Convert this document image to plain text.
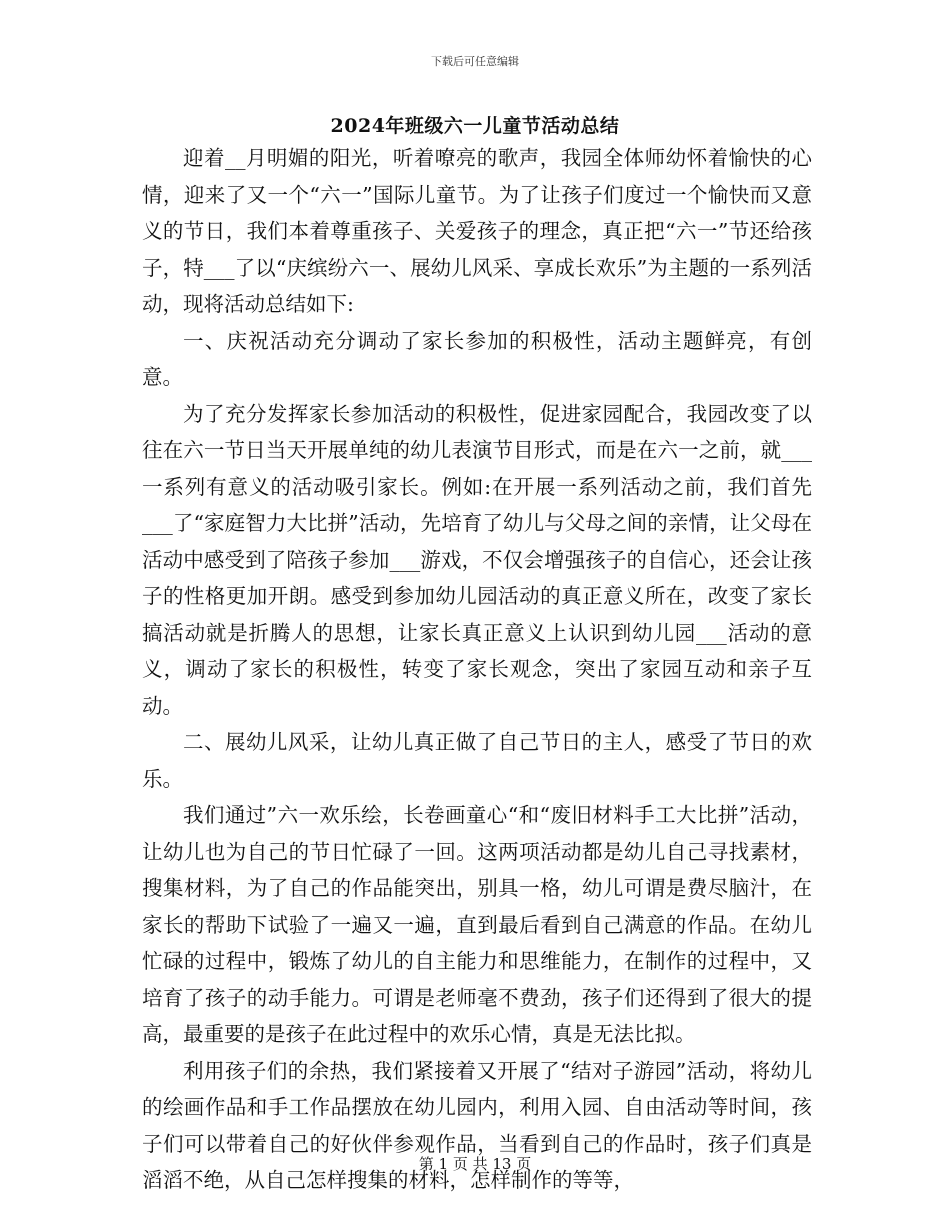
下载后可任意编辑
2024年班级六一儿童节活动总结

迎着__月明媚的阳光，听着嘹亮的歌声，我园全体师幼怀着愉快的心情，迎来了又一个“六一”国际儿童节。为了让孩子们度过一个愉快而又意义的节日，我们本着尊重孩子、关爱孩子的理念，真正把“六一”节还给孩子，特___了以“庆缤纷六一、展幼儿风采、享成长欢乐”为主题的一系列活动，现将活动总结如下:

一、庆祝活动充分调动了家长参加的积极性，活动主题鲜亮，有创意。

为了充分发挥家长参加活动的积极性，促进家园配合，我园改变了以往在六一节日当天开展单纯的幼儿表演节目形式，而是在六一之前，就___一系列有意义的活动吸引家长。例如:在开展一系列活动之前，我们首先___了“家庭智力大比拼”活动，先培育了幼儿与父母之间的亲情，让父母在活动中感受到了陪孩子参加___游戏，不仅会增强孩子的自信心，还会让孩子的性格更加开朗。感受到参加幼儿园活动的真正意义所在，改变了家长搞活动就是折腾人的思想，让家长真正意义上认识到幼儿园___活动的意义，调动了家长的积极性，转变了家长观念，突出了家园互动和亲子互动。

二、展幼儿风采，让幼儿真正做了自己节日的主人，感受了节日的欢乐。

我们通过”六一欢乐绘，长卷画童心“和“废旧材料手工大比拼”活动，让幼儿也为自己的节日忙碌了一回。这两项活动都是幼儿自己寻找素材，搜集材料，为了自己的作品能突出，别具一格，幼儿可谓是费尽脑汁，在家长的帮助下试验了一遍又一遍，直到最后看到自己满意的作品。在幼儿忙碌的过程中，锻炼了幼儿的自主能力和思维能力，在制作的过程中，又培育了孩子的动手能力。可谓是老师毫不费劲，孩子们还得到了很大的提高，最重要的是孩子在此过程中的欢乐心情，真是无法比拟。

利用孩子们的余热，我们紧接着又开展了“结对子游园”活动，将幼儿的绘画作品和手工作品摆放在幼儿园内，利用入园、自由活动等时间，孩子们可以带着自己的好伙伴参观作品，当看到自己的作品时，孩子们真是滔滔不绝，从自己怎样搜集的材料，怎样制作的等等，

第 1 页 共 13 页
